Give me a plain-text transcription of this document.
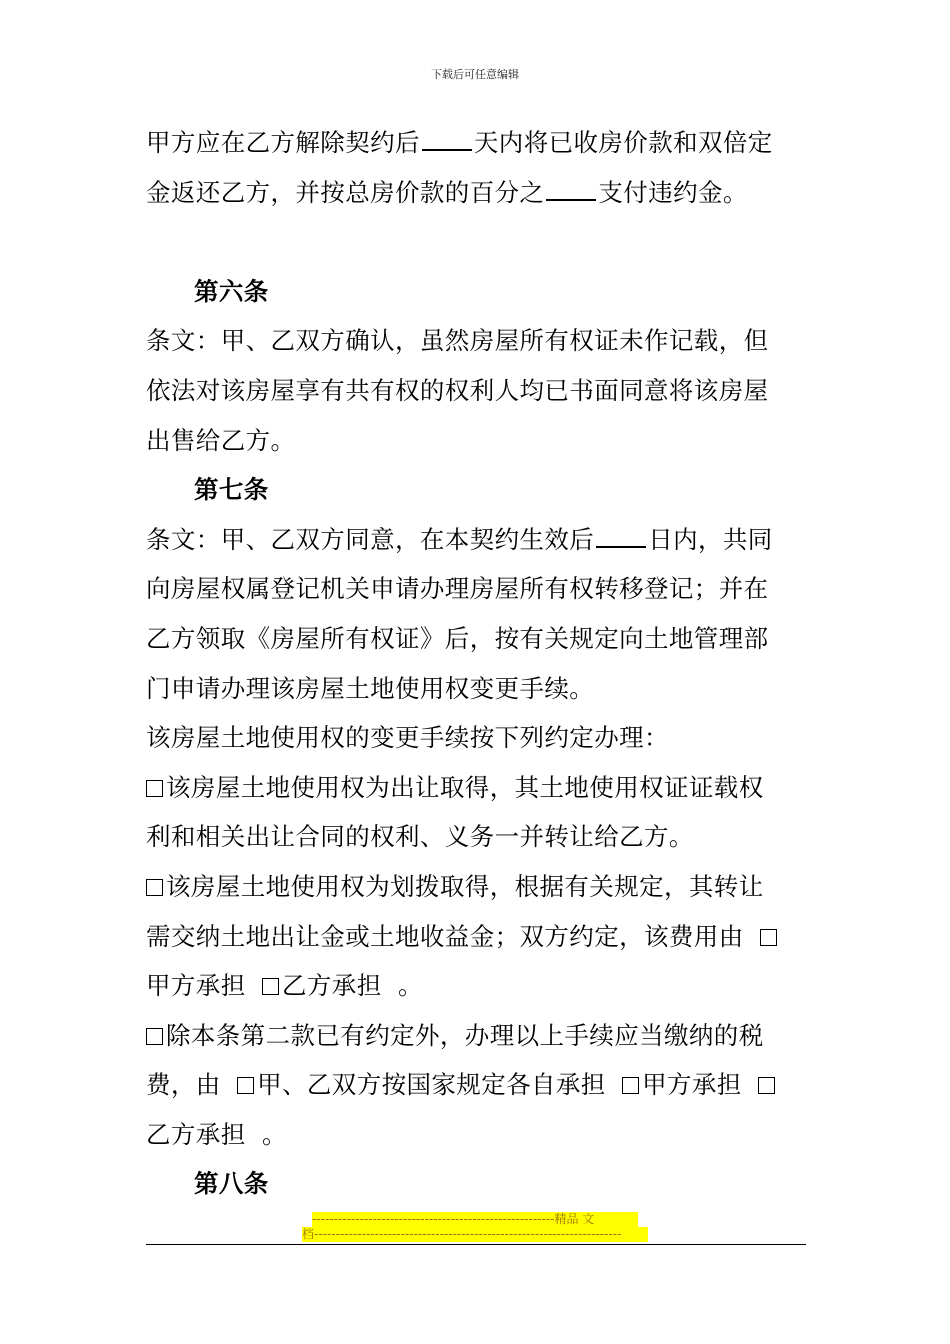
下载后可任意编辑
甲方应在乙方解除契约后 天内将已收房价款和双倍定
金返还乙方，并按总房价款的百分之 支付违约金。
第六条
条文：甲、乙双方确认，虽然房屋所有权证未作记载，但
依法对该房屋享有共有权的权利人均已书面同意将该房屋
出售给乙方。
第七条
条文：甲、乙双方同意，在本契约生效后 日内，共同
向房屋权属登记机关申请办理房屋所有权转移登记；并在
乙方领取《房屋所有权证》后，按有关规定向土地管理部
门申请办理该房屋土地使用权变更手续。
该房屋土地使用权的变更手续按下列约定办理：
该房屋土地使用权为出让取得，其土地使用权证证载权
利和相关出让合同的权利、义务一并转让给乙方。
该房屋土地使用权为划拨取得，根据有关规定，其转让
需交纳土地出让金或土地收益金；双方约定，该费用由
甲方承担 乙方承担 。
除本条第二款已有约定外，办理以上手续应当缴纳的税
费，由 甲、乙双方按国家规定各自承担 甲方承担
乙方承担 。
第八条
--------------------------------------------------------精品 文
档-----------------------------------------------------------------------
